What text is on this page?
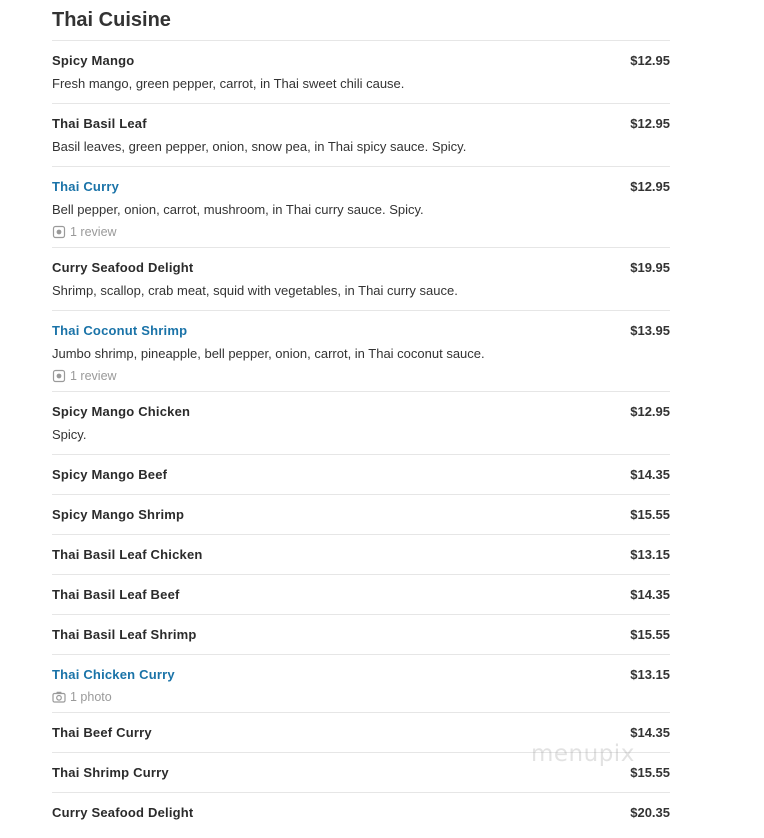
Thai Cuisine
Spicy Mango	$12.95
Fresh mango, green pepper, carrot, in Thai sweet chili cause.
Thai Basil Leaf	$12.95
Basil leaves, green pepper, onion, snow pea, in Thai spicy sauce. Spicy.
Thai Curry	$12.95
Bell pepper, onion, carrot, mushroom, in Thai curry sauce. Spicy.
1 review
Curry Seafood Delight	$19.95
Shrimp, scallop, crab meat, squid with vegetables, in Thai curry sauce.
Thai Coconut Shrimp	$13.95
Jumbo shrimp, pineapple, bell pepper, onion, carrot, in Thai coconut sauce.
1 review
Spicy Mango Chicken	$12.95
Spicy.
Spicy Mango Beef	$14.35
Spicy Mango Shrimp	$15.55
Thai Basil Leaf Chicken	$13.15
Thai Basil Leaf Beef	$14.35
Thai Basil Leaf Shrimp	$15.55
Thai Chicken Curry	$13.15
1 photo
Thai Beef Curry	$14.35
Thai Shrimp Curry	$15.55
Curry Seafood Delight	$20.35
menupix
